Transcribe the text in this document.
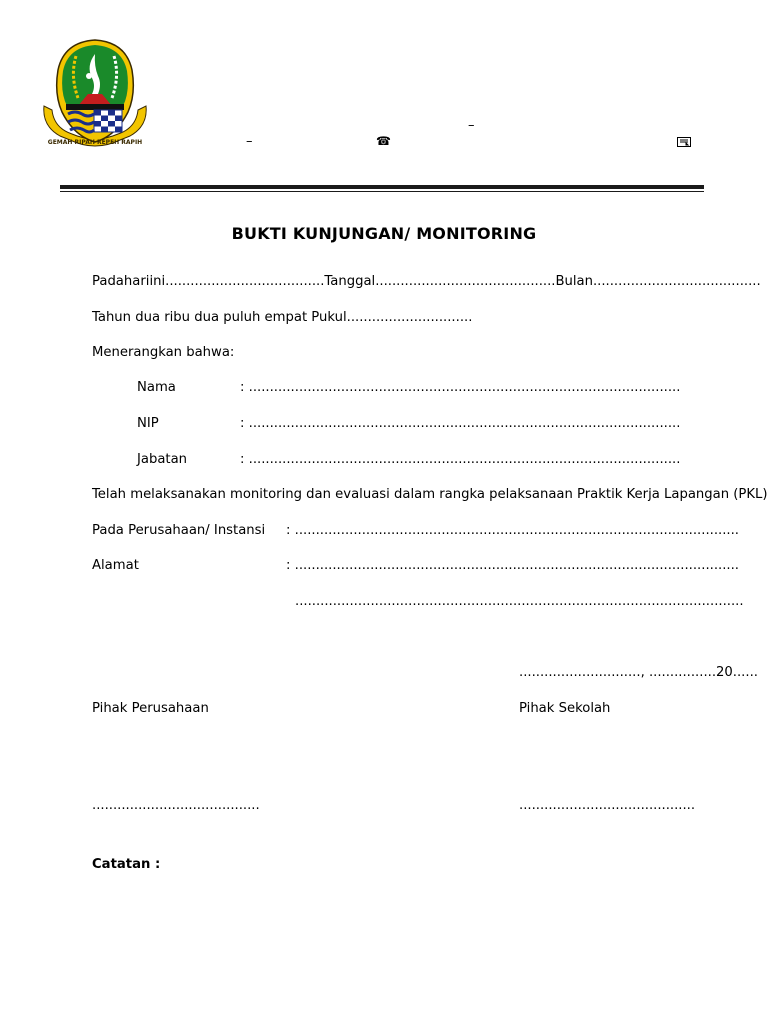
GEMAH RIPAH REPEH RAPIH
–
–	☎
BUKTI KUNJUNGAN/ MONITORING
Pada hari ini......................................Tanggal...........................................Bulan........................................
Tahun dua ribu dua puluh empat Pukul..............................
Menerangkan bahwa:
Nama	: .......................................................................................................
NIP	: .......................................................................................................
Jabatan	: .......................................................................................................
Telah melaksanakan monitoring dan evaluasi dalam rangka pelaksanaan Praktik Kerja Lapangan (PKL)
Pada Perusahaan/ Instansi : ..........................................................................................................
Alamat	: ..........................................................................................................
...........................................................................................................
............................., ................20......
Pihak Perusahaan	Pihak Sekolah
........................................	..........................................
Catatan :
